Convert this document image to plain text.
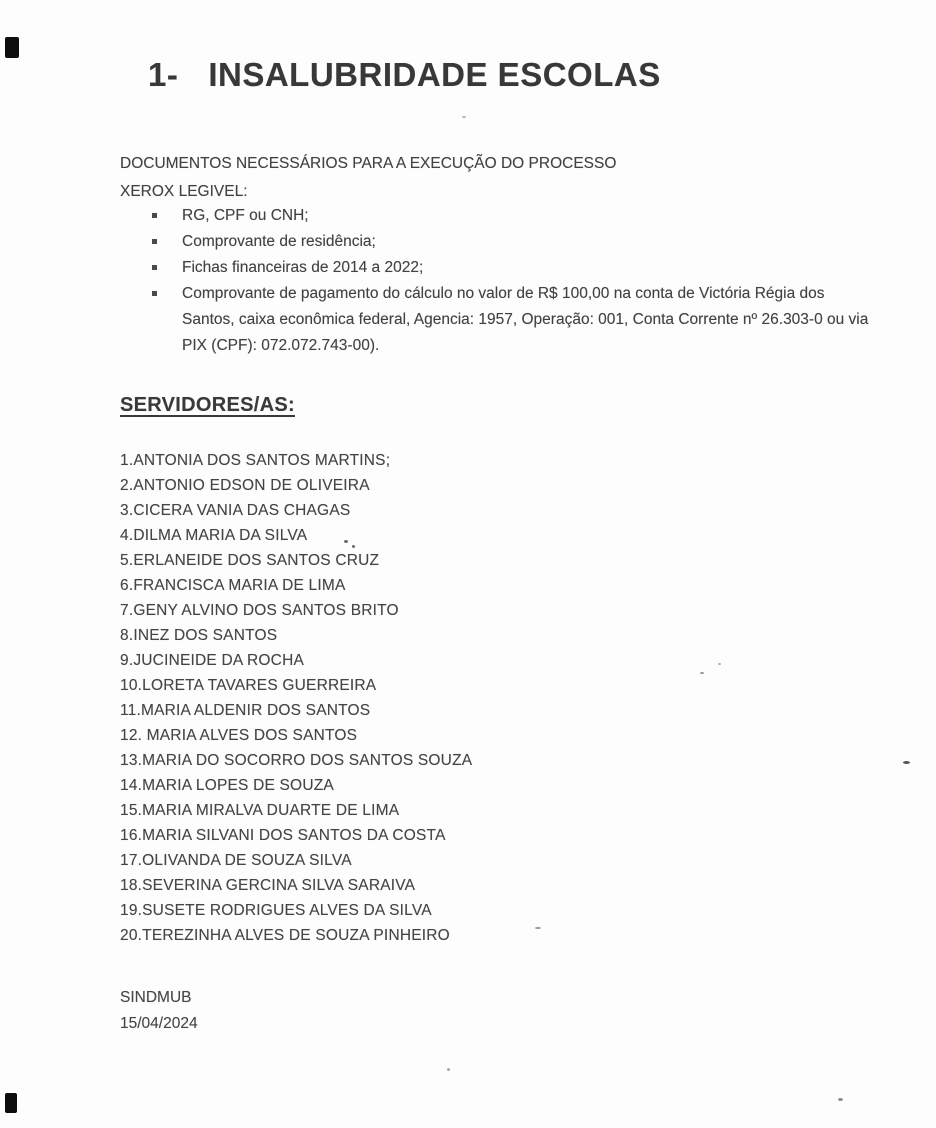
1- INSALUBRIDADE ESCOLAS
DOCUMENTOS NECESSÁRIOS PARA A EXECUÇÃO DO PROCESSO
XEROX LEGIVEL:
RG, CPF ou CNH;
Comprovante de residência;
Fichas financeiras de 2014 a 2022;
Comprovante de pagamento do cálculo no valor de R$ 100,00 na conta de Victória Régia dos Santos, caixa econômica federal, Agencia: 1957, Operação: 001, Conta Corrente nº 26.303-0 ou via PIX (CPF): 072.072.743-00).
SERVIDORES/AS:
1.ANTONIA DOS SANTOS MARTINS;
2.ANTONIO EDSON DE OLIVEIRA
3.CICERA VANIA DAS CHAGAS
4.DILMA MARIA DA SILVA
5.ERLANEIDE DOS SANTOS CRUZ
6.FRANCISCA MARIA DE LIMA
7.GENY ALVINO DOS SANTOS BRITO
8.INEZ DOS SANTOS
9.JUCINEIDE DA ROCHA
10.LORETA TAVARES GUERREIRA
11.MARIA ALDENIR DOS SANTOS
12. MARIA ALVES DOS SANTOS
13.MARIA DO SOCORRO DOS SANTOS SOUZA
14.MARIA LOPES DE SOUZA
15.MARIA MIRALVA DUARTE DE LIMA
16.MARIA SILVANI DOS SANTOS DA COSTA
17.OLIVANDA DE SOUZA SILVA
18.SEVERINA GERCINA SILVA SARAIVA
19.SUSETE RODRIGUES ALVES DA SILVA
20.TEREZINHA ALVES DE SOUZA PINHEIRO
SINDMUB
15/04/2024
